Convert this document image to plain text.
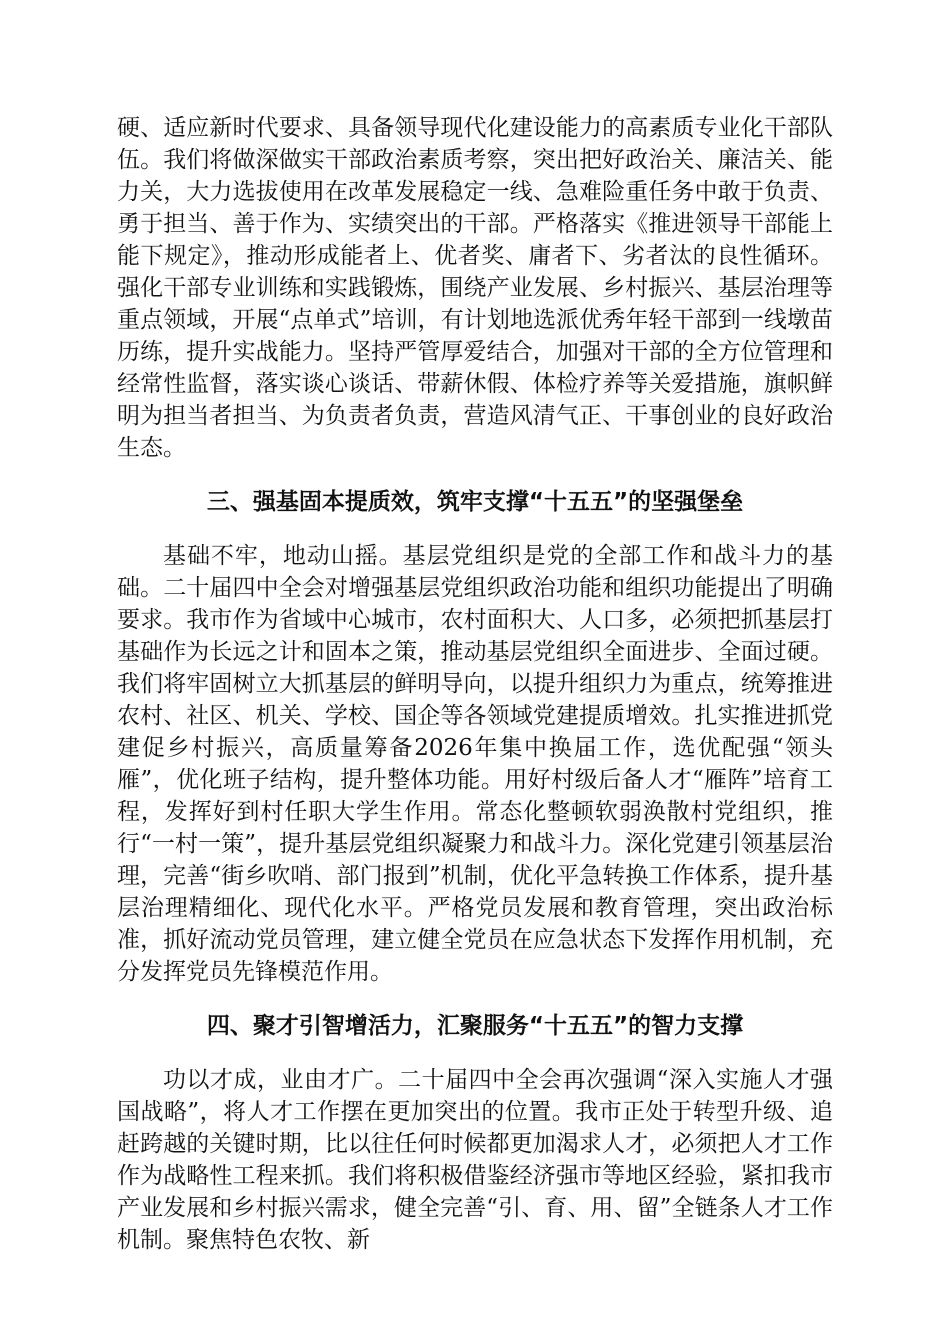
硬、适应新时代要求、具备领导现代化建设能力的高素质专业化干部队伍。我们将做深做实干部政治素质考察，突出把好政治关、廉洁关、能力关，大力选拔使用在改革发展稳定一线、急难险重任务中敢于负责、勇于担当、善于作为、实绩突出的干部。严格落实《推进领导干部能上能下规定》，推动形成能者上、优者奖、庸者下、劣者汰的良性循环。强化干部专业训练和实践锻炼，围绕产业发展、乡村振兴、基层治理等重点领域，开展“点单式”培训，有计划地选派优秀年轻干部到一线墩苗历练，提升实战能力。坚持严管厚爱结合，加强对干部的全方位管理和经常性监督，落实谈心谈话、带薪休假、体检疗养等关爱措施，旗帜鲜明为担当者担当、为负责者负责，营造风清气正、干事创业的良好政治生态。

三、强基固本提质效，筑牢支撑“十五五”的坚强堡垒

基础不牢，地动山摇。基层党组织是党的全部工作和战斗力的基础。二十届四中全会对增强基层党组织政治功能和组织功能提出了明确要求。我市作为省域中心城市，农村面积大、人口多，必须把抓基层打基础作为长远之计和固本之策，推动基层党组织全面进步、全面过硬。我们将牢固树立大抓基层的鲜明导向，以提升组织力为重点，统筹推进农村、社区、机关、学校、国企等各领域党建提质增效。扎实推进抓党建促乡村振兴，高质量筹备2026年集中换届工作，选优配强“领头雁”，优化班子结构，提升整体功能。用好村级后备人才“雁阵”培育工程，发挥好到村任职大学生作用。常态化整顿软弱涣散村党组织，推行“一村一策”，提升基层党组织凝聚力和战斗力。深化党建引领基层治理，完善“街乡吹哨、部门报到”机制，优化平急转换工作体系，提升基层治理精细化、现代化水平。严格党员发展和教育管理，突出政治标准，抓好流动党员管理，建立健全党员在应急状态下发挥作用机制，充分发挥党员先锋模范作用。

四、聚才引智增活力，汇聚服务“十五五”的智力支撑

功以才成，业由才广。二十届四中全会再次强调“深入实施人才强国战略”，将人才工作摆在更加突出的位置。我市正处于转型升级、追赶跨越的关键时期，比以往任何时候都更加渴求人才，必须把人才工作作为战略性工程来抓。我们将积极借鉴经济强市等地区经验，紧扣我市产业发展和乡村振兴需求，健全完善“引、育、用、留”全链条人才工作机制。聚焦特色农牧、新
